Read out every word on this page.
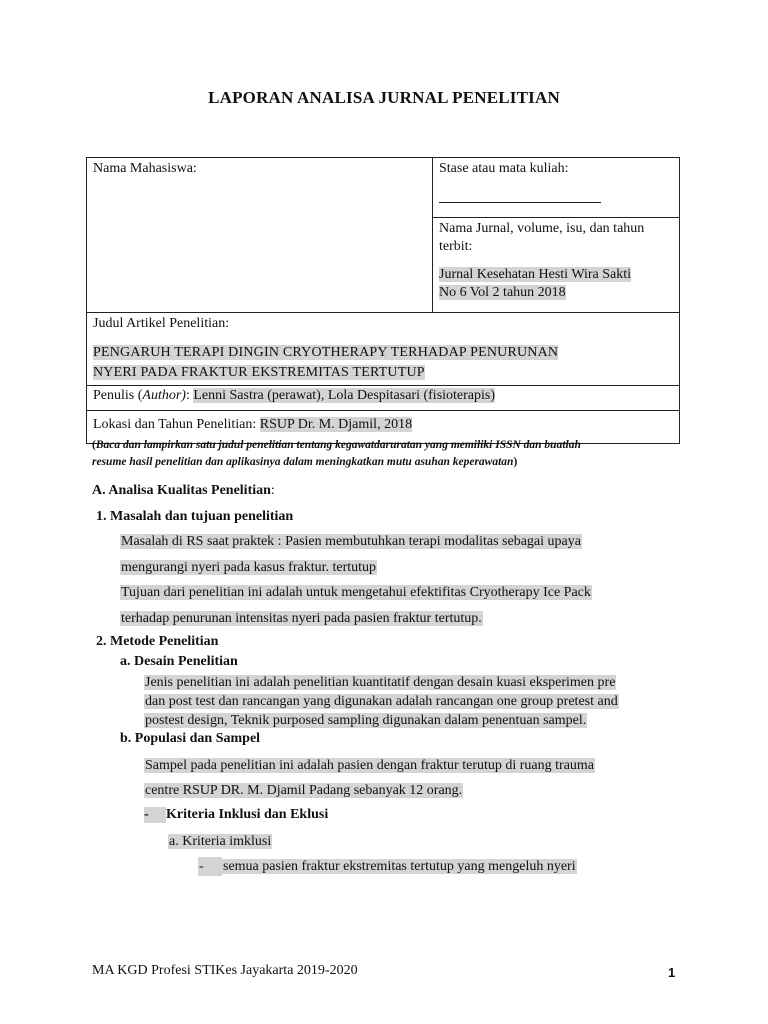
LAPORAN ANALISA JURNAL PENELITIAN
Nama Mahasiswa:	Stase atau mata kuliah:

Nama Jurnal, volume, isu, dan tahun
terbit:
Jurnal Kesehatan Hesti Wira Sakti
No 6 Vol 2 tahun 2018

Judul Artikel Penelitian:
PENGARUH TERAPI DINGIN CRYOTHERAPY TERHADAP PENURUNAN
NYERI PADA FRAKTUR EKSTREMITAS TERTUTUP

Penulis (Author): Lenni Sastra (perawat), Lola Despitasari (fisioterapis)
Lokasi dan Tahun Penelitian: RSUP Dr. M. Djamil, 2018
(Baca dan lampirkan satu judul penelitian tentang kegawatdaruratan yang memiliki ISSN dan buatlah
resume hasil penelitian dan aplikasinya dalam meningkatkan mutu asuhan keperawatan)
A. Analisa Kualitas Penelitian:
1. Masalah dan tujuan penelitian
Masalah di RS saat praktek : Pasien membutuhkan terapi modalitas sebagai upaya
mengurangi nyeri pada kasus fraktur. tertutup
Tujuan dari penelitian ini adalah untuk mengetahui efektifitas Cryotherapy Ice Pack
terhadap penurunan intensitas nyeri pada pasien fraktur tertutup.
2. Metode Penelitian
a. Desain Penelitian
Jenis penelitian ini adalah penelitian kuantitatif dengan desain kuasi eksperimen pre
dan post test dan rancangan yang digunakan adalah rancangan one group pretest and
postest design, Teknik purposed sampling digunakan dalam penentuan sampel.
b. Populasi dan Sampel
Sampel pada penelitian ini adalah pasien dengan fraktur terutup di ruang trauma
centre RSUP DR. M. Djamil Padang sebanyak 12 orang.
- Kriteria Inklusi dan Eklusi
a. Kriteria imklusi
- semua pasien fraktur ekstremitas tertutup yang mengeluh nyeri
MA KGD Profesi STIKes Jayakarta 2019-2020	1
